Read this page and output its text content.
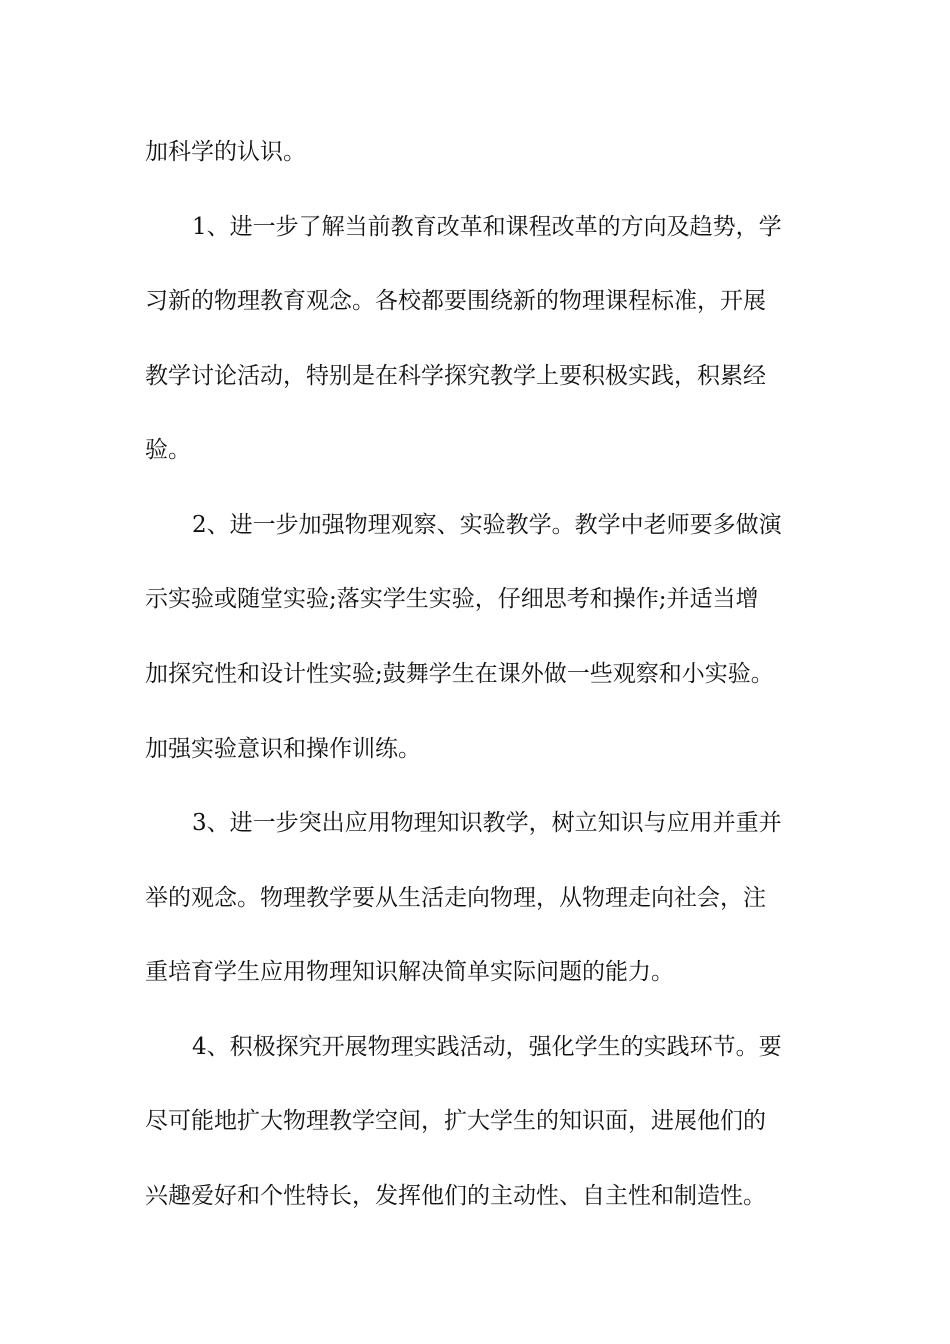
加科学的认识。
1、进一步了解当前教育改革和课程改革的方向及趋势，学
习新的物理教育观念。各校都要围绕新的物理课程标准，开展
教学讨论活动，特别是在科学探究教学上要积极实践，积累经
验。
2、进一步加强物理观察、实验教学。教学中老师要多做演
示实验或随堂实验;落实学生实验，仔细思考和操作;并适当增
加探究性和设计性实验;鼓舞学生在课外做一些观察和小实验。
加强实验意识和操作训练。
3、进一步突出应用物理知识教学，树立知识与应用并重并
举的观念。物理教学要从生活走向物理，从物理走向社会，注
重培育学生应用物理知识解决简单实际问题的能力。
4、积极探究开展物理实践活动，强化学生的实践环节。要
尽可能地扩大物理教学空间，扩大学生的知识面，进展他们的
兴趣爱好和个性特长，发挥他们的主动性、自主性和制造性。
